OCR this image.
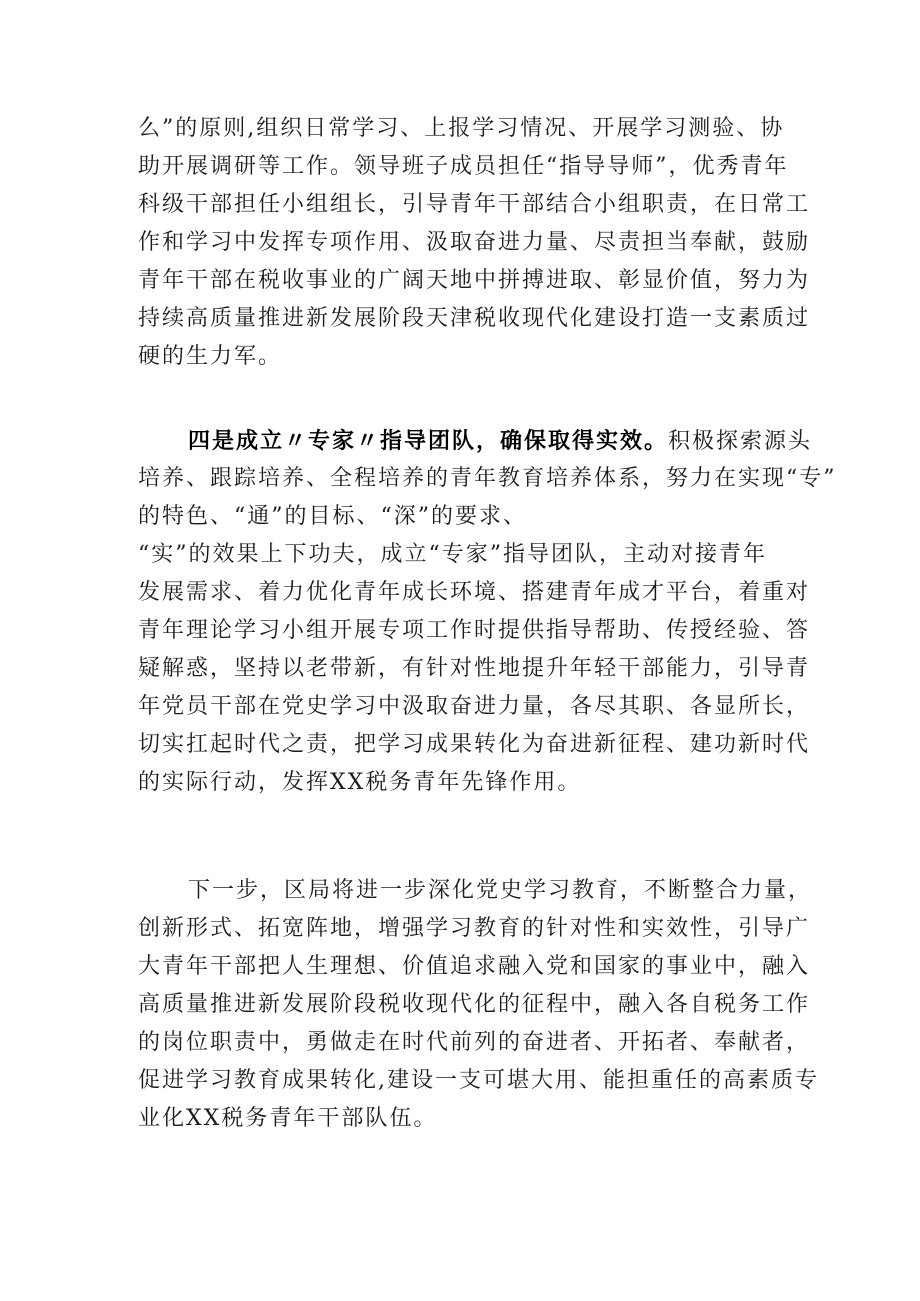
么”的原则,组织日常学习、上报学习情况、开展学习测验、协
助开展调研等工作。领导班子成员担任“指导导师”，优秀青年
科级干部担任小组组长，引导青年干部结合小组职责，在日常工
作和学习中发挥专项作用、汲取奋进力量、尽责担当奉献，鼓励
青年干部在税收事业的广阔天地中拼搏进取、彰显价值，努力为
持续高质量推进新发展阶段天津税收现代化建设打造一支素质过
硬的生力军。
四是成立〃专家〃指导团队，确保取得实效。积极探索源头
培养、跟踪培养、全程培养的青年教育培养体系，努力在实现“专”
的特色、“通”的目标、“深”的要求、
“实”的效果上下功夫，成立“专家”指导团队，主动对接青年
发展需求、着力优化青年成长环境、搭建青年成才平台，着重对
青年理论学习小组开展专项工作时提供指导帮助、传授经验、答
疑解惑，坚持以老带新，有针对性地提升年轻干部能力，引导青
年党员干部在党史学习中汲取奋进力量，各尽其职、各显所长，
切实扛起时代之责，把学习成果转化为奋进新征程、建功新时代
的实际行动，发挥XX税务青年先锋作用。
下一步，区局将进一步深化党史学习教育，不断整合力量，
创新形式、拓宽阵地，增强学习教育的针对性和实效性，引导广
大青年干部把人生理想、价值追求融入党和国家的事业中，融入
高质量推进新发展阶段税收现代化的征程中，融入各自税务工作
的岗位职责中，勇做走在时代前列的奋进者、开拓者、奉献者，
促进学习教育成果转化,建设一支可堪大用、能担重任的高素质专
业化XX税务青年干部队伍。
